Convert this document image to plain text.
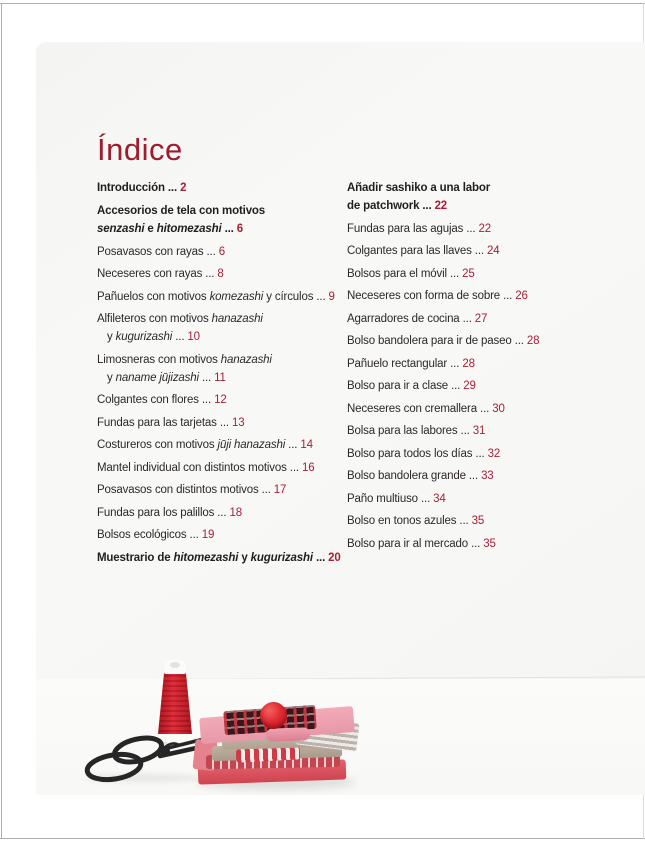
Índice
Introducción ... 2
Accesorios de tela con motivos
senzashi e hitomezashi ... 6
Posavasos con rayas ... 6
Neceseres con rayas ... 8
Pañuelos con motivos komezashi y círculos ... 9
Alfileteros con motivos hanazashi
y kugurizashi ... 10
Limosneras con motivos hanazashi
y naname jūjizashi ... 11
Colgantes con flores ... 12
Fundas para las tarjetas ... 13
Costureros con motivos jūji hanazashi ... 14
Mantel individual con distintos motivos ... 16
Posavasos con distintos motivos ... 17
Fundas para los palillos ... 18
Bolsos ecológicos ... 19
Muestrario de hitomezashi y kugurizashi ... 20
Añadir sashiko a una labor
de patchwork ... 22
Fundas para las agujas ... 22
Colgantes para las llaves ... 24
Bolsos para el móvil ... 25
Neceseres con forma de sobre ... 26
Agarradores de cocina ... 27
Bolso bandolera para ir de paseo ... 28
Pañuelo rectangular ... 28
Bolso para ir a clase ... 29
Neceseres con cremallera ... 30
Bolsa para las labores ... 31
Bolso para todos los días ... 32
Bolso bandolera grande ... 33
Paño multiuso ... 34
Bolso en tonos azules ... 35
Bolso para ir al mercado ... 35
